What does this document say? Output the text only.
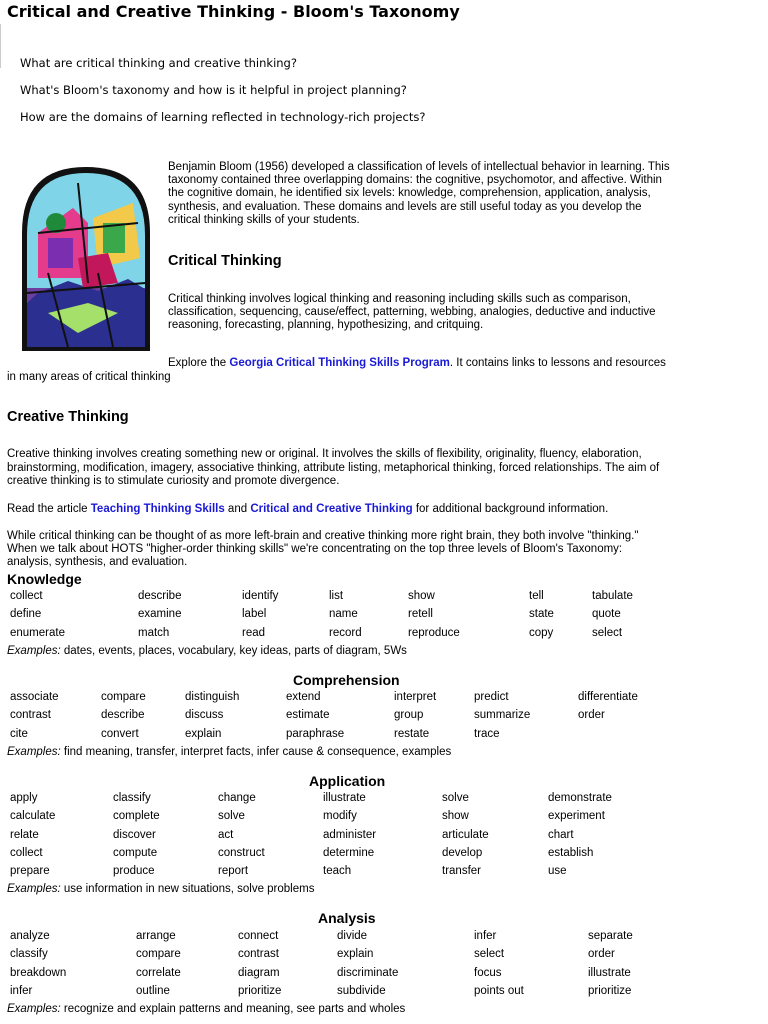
Critical and Creative Thinking - Bloom's Taxonomy
What are critical thinking and creative thinking?
What's Bloom's taxonomy and how is it helpful in project planning?
How are the domains of learning reflected in technology-rich projects?
Benjamin Bloom (1956) developed a classification of levels of intellectual behavior in learning. This
taxonomy contained three overlapping domains: the cognitive, psychomotor, and affective. Within
the cognitive domain, he identified six levels: knowledge, comprehension, application, analysis,
synthesis, and evaluation. These domains and levels are still useful today as you develop the
critical thinking skills of your students.
Critical Thinking
Critical thinking involves logical thinking and reasoning including skills such as comparison,
classification, sequencing, cause/effect, patterning, webbing, analogies, deductive and inductive
reasoning, forecasting, planning, hypothesizing, and critquing.
Explore the Georgia Critical Thinking Skills Program. It contains links to lessons and resources
in many areas of critical thinking
Creative Thinking
Creative thinking involves creating something new or original. It involves the skills of flexibility, originality, fluency, elaboration,
brainstorming, modification, imagery, associative thinking, attribute listing, metaphorical thinking, forced relationships. The aim of
creative thinking is to stimulate curiosity and promote divergence.
Read the article Teaching Thinking Skills and Critical and Creative Thinking for additional background information.
While critical thinking can be thought of as more left-brain and creative thinking more right brain, they both involve "thinking."
When we talk about HOTS "higher-order thinking skills" we're concentrating on the top three levels of Bloom's Taxonomy:
analysis, synthesis, and evaluation.
Knowledge
collect	describe	identify	list	show	tell	tabulate
define	examine	label	name	retell	state	quote
enumerate	match	read	record	reproduce	copy	select
Examples: dates, events, places, vocabulary, key ideas, parts of diagram, 5Ws
Comprehension
associate	compare	distinguish	extend	interpret	predict	differentiate
contrast	describe	discuss	estimate	group	summarize	order
cite	convert	explain	paraphrase	restate	trace
Examples: find meaning, transfer, interpret facts, infer cause & consequence, examples
Application
apply	classify	change	illustrate	solve	demonstrate
calculate	complete	solve	modify	show	experiment
relate	discover	act	administer	articulate	chart
collect	compute	construct	determine	develop	establish
prepare	produce	report	teach	transfer	use
Examples: use information in new situations, solve problems
Analysis
analyze	arrange	connect	divide	infer	separate
classify	compare	contrast	explain	select	order
breakdown	correlate	diagram	discriminate	focus	illustrate
infer	outline	prioritize	subdivide	points out	prioritize
Examples: recognize and explain patterns and meaning, see parts and wholes
